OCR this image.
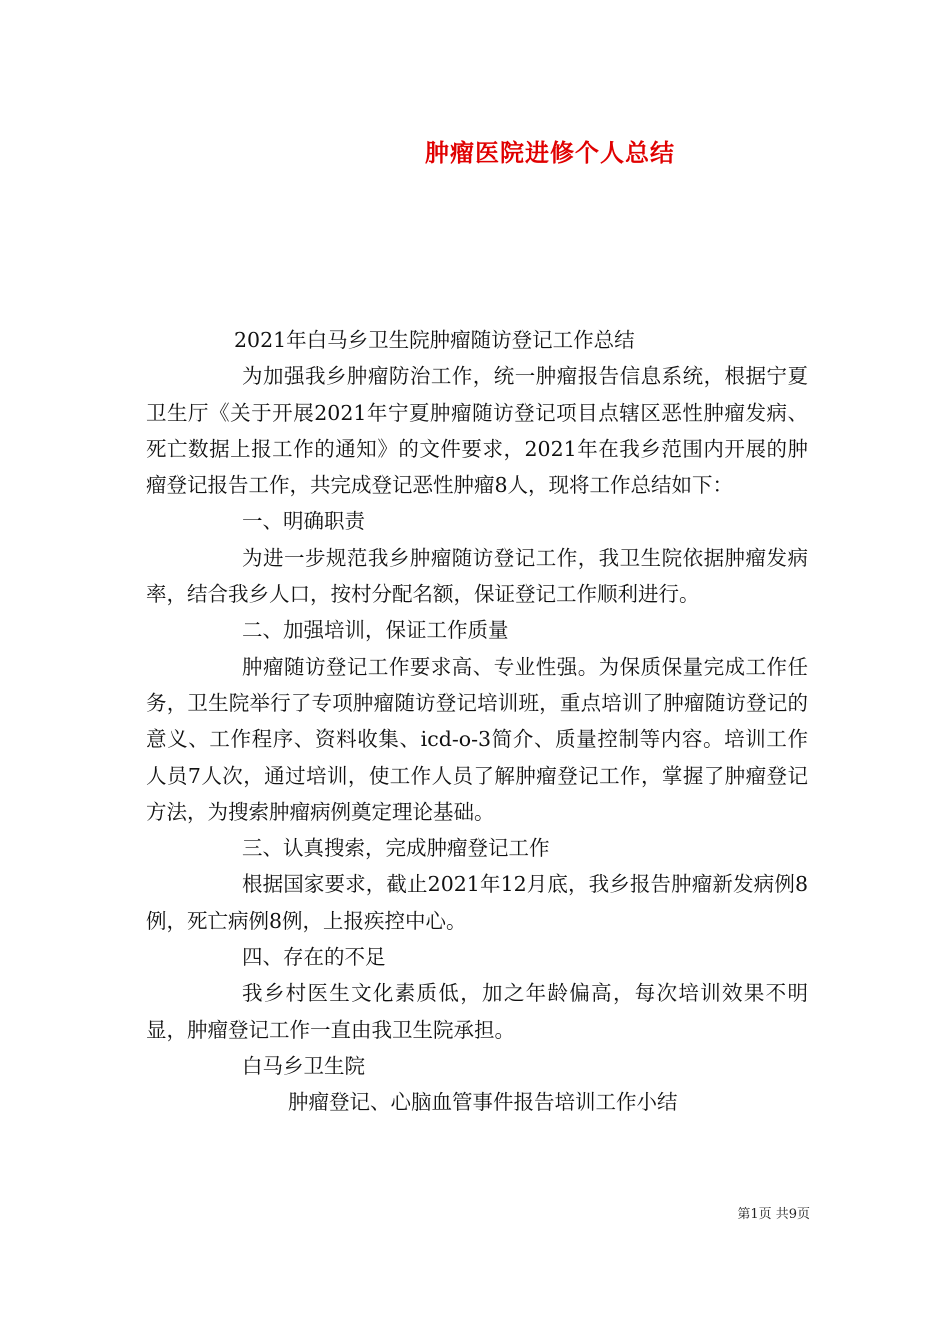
肿瘤医院进修个人总结

2021年白马乡卫生院肿瘤随访登记工作总结

为加强我乡肿瘤防治工作，统一肿瘤报告信息系统，根据宁夏卫生厅《关于开展2021年宁夏肿瘤随访登记项目点辖区恶性肿瘤发病、死亡数据上报工作的通知》的文件要求，2021年在我乡范围内开展的肿瘤登记报告工作，共完成登记恶性肿瘤8人，现将工作总结如下：

一、明确职责

为进一步规范我乡肿瘤随访登记工作，我卫生院依据肿瘤发病率，结合我乡人口，按村分配名额，保证登记工作顺利进行。

二、加强培训，保证工作质量

肿瘤随访登记工作要求高、专业性强。为保质保量完成工作任务，卫生院举行了专项肿瘤随访登记培训班，重点培训了肿瘤随访登记的意义、工作程序、资料收集、icd-o-3简介、质量控制等内容。培训工作人员7人次，通过培训，使工作人员了解肿瘤登记工作，掌握了肿瘤登记方法，为搜索肿瘤病例奠定理论基础。

三、认真搜索，完成肿瘤登记工作

根据国家要求，截止2021年12月底，我乡报告肿瘤新发病例8例，死亡病例8例，上报疾控中心。

四、存在的不足

我乡村医生文化素质低，加之年龄偏高，每次培训效果不明显，肿瘤登记工作一直由我卫生院承担。

白马乡卫生院

肿瘤登记、心脑血管事件报告培训工作小结

第1页 共9页
